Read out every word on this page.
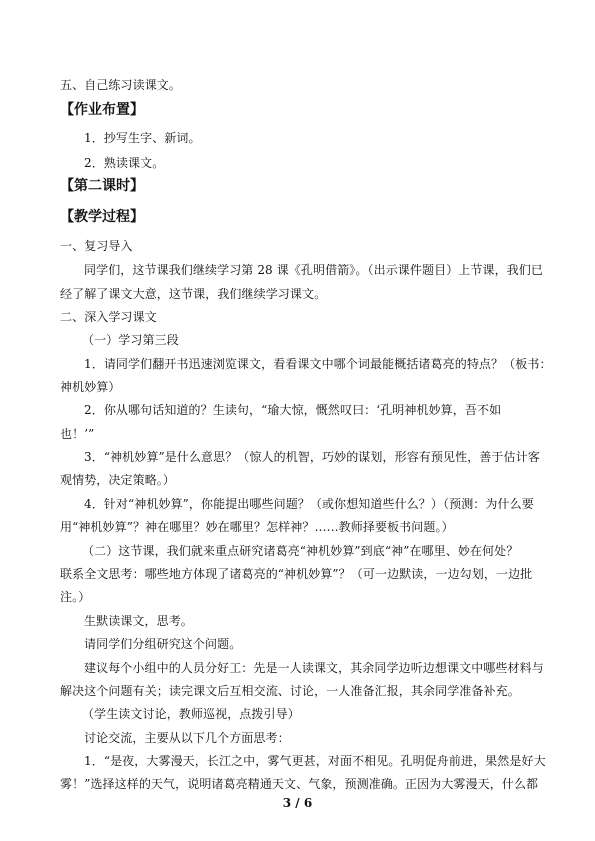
五、自己练习读课文。
【作业布置】
1．抄写生字、新词。
2．熟读课文。
【第二课时】
【教学过程】
一、复习导入
同学们，这节课我们继续学习第 28 课《孔明借箭》。（出示课件题目）上节课，我们已
经了解了课文大意，这节课，我们继续学习课文。
二、深入学习课文
（一）学习第三段
1．请同学们翻开书迅速浏览课文，看看课文中哪个词最能概括诸葛亮的特点？（板书：
神机妙算）
2．你从哪句话知道的？生读句，“瑜大惊，慨然叹曰：‘孔明神机妙算，吾不如
也！’”
3．“神机妙算”是什么意思？（惊人的机智，巧妙的谋划，形容有预见性，善于估计客
观情势，决定策略。）
4．针对“神机妙算”，你能提出哪些问题？（或你想知道些什么？）（预测：为什么要
用“神机妙算”？神在哪里？妙在哪里？怎样神？……教师择要板书问题。）
（二）这节课，我们就来重点研究诸葛亮“神机妙算”到底“神”在哪里、妙在何处？
联系全文思考：哪些地方体现了诸葛亮的“神机妙算”？（可一边默读，一边勾划，一边批
注。）
生默读课文，思考。
请同学们分组研究这个问题。
建议每个小组中的人员分好工：先是一人读课文，其余同学边听边想课文中哪些材料与
解决这个问题有关；读完课文后互相交流、讨论，一人准备汇报，其余同学准备补充。
（学生读文讨论，教师巡视，点拨引导）
讨论交流，主要从以下几个方面思考：
1．“是夜，大雾漫天，长江之中，雾气更甚，对面不相见。孔明促舟前进，果然是好大
雾！”选择这样的天气，说明诸葛亮精通天文、气象，预测准确。正因为大雾漫天，什么都
3 / 6
